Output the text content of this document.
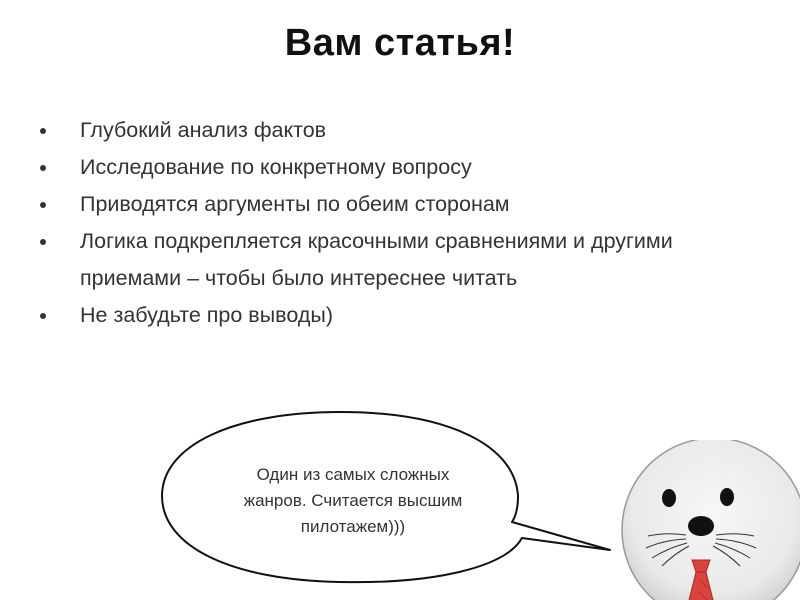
Вам статья!
Глубокий анализ фактов
Исследование по конкретному вопросу
Приводятся аргументы по обеим сторонам
Логика подкрепляется красочными сравнениями и другими приемами – чтобы было интереснее читать
Не забудьте про выводы)
Один из самых сложных
жанров. Считается высшим
пилотажем)))
